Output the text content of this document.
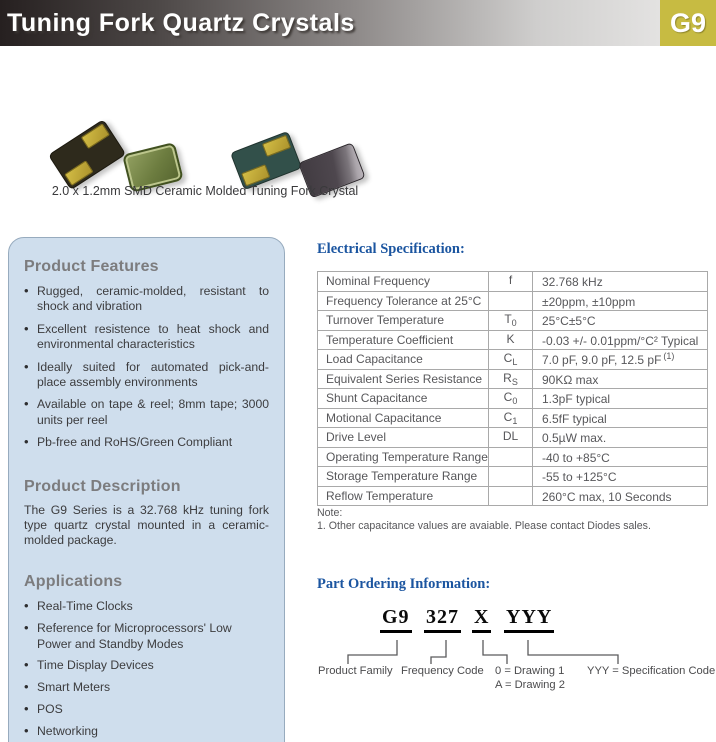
Tuning Fork Quartz Crystals	G9
2.0 x 1.2mm SMD Ceramic Molded Tuning Fork Crystal
Product Features
• Rugged, ceramic-molded, resistant to shock and vibration
• Excellent resistence to heat shock and environmental characteristics
• Ideally suited for automated pick-and-place assembly environments
• Available on tape & reel; 8mm tape; 3000 units per reel
• Pb-free and RoHS/Green Compliant
Product Description
The G9 Series is a 32.768 kHz tuning fork type quartz crystal mounted in a ceramic-molded package.
Applications
• Real-Time Clocks
• Reference for Microprocessors' Low Power and Standby Modes
• Time Display Devices
• Smart Meters
• POS
• Networking
Electrical Specification:
Nominal Frequency	f	32.768 kHz
Frequency Tolerance at 25°C		±20ppm, ±10ppm
Turnover Temperature	$T_0$	25°C±5°C
Temperature Coefficient	K	-0.03 +/- 0.01ppm/°C² Typical
Load Capacitance	$C_L$	7.0 pF, 9.0 pF, 12.5 pF $^{(1)}$
Equivalent Series Resistance	$R_S$	90KΩ max
Shunt Capacitance	$C_0$	1.3pF typical
Motional Capacitance	$C_1$	6.5fF typical
Drive Level	DL	0.5µW max.
Operating Temperature Range		-40 to +85°C
Storage Temperature Range		-55 to +125°C
Reflow Temperature		260°C max, 10 Seconds
Note:
1. Other capacitance values are avaiable. Please contact Diodes sales.
Part Ordering Information:
G9 327 X YYY
Product Family Frequency Code 0 = Drawing 1
A = Drawing 2
YYY = Specification Code
